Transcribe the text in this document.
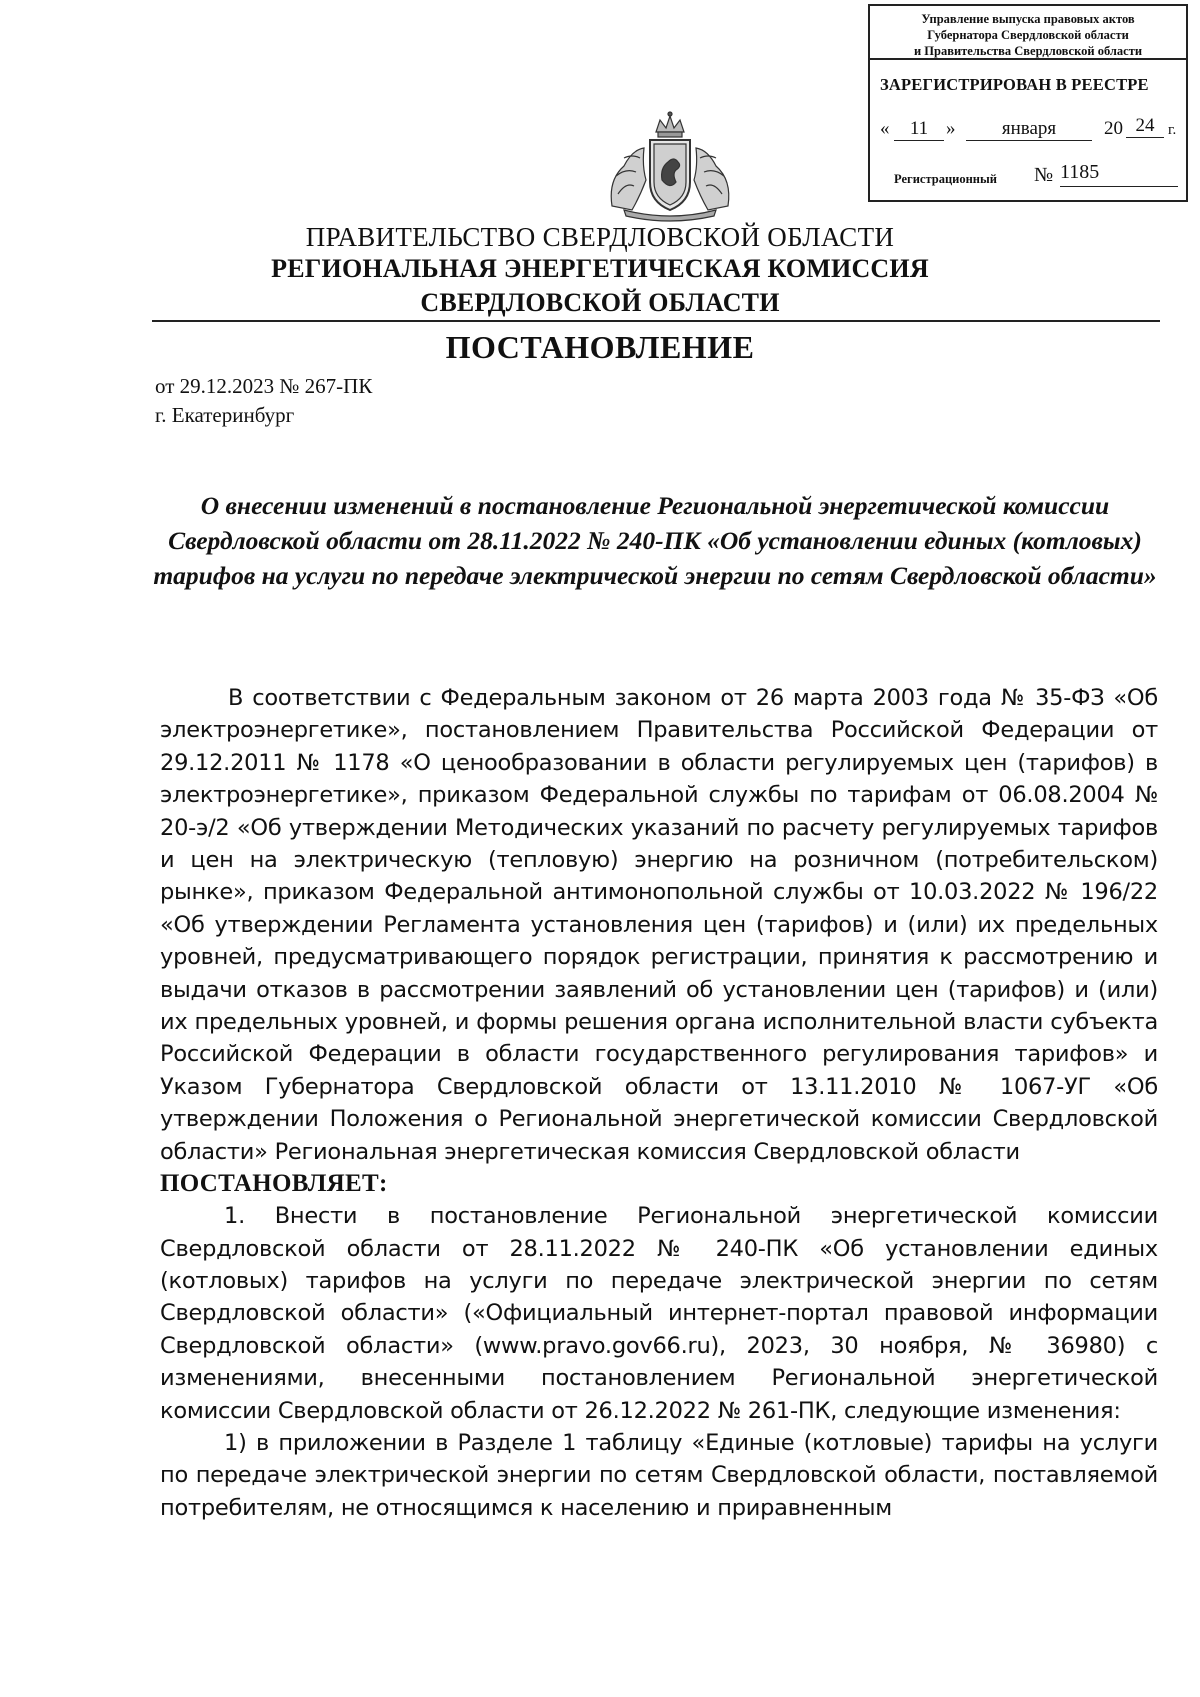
Управление выпуска правовых актов
Губернатора Свердловской области
и Правительства Свердловской области
ЗАРЕГИСТРИРОВАН В РЕЕСТРЕ
«	11 »	января	20 24 г.
Регистрационный № 1185
ПРАВИТЕЛЬСТВО СВЕРДЛОВСКОЙ ОБЛАСТИ
РЕГИОНАЛЬНАЯ ЭНЕРГЕТИЧЕСКАЯ КОМИССИЯ
СВЕРДЛОВСКОЙ ОБЛАСТИ
ПОСТАНОВЛЕНИЕ
от 29.12.2023 № 267-ПК
г. Екатеринбург
О внесении изменений в постановление Региональной энергетической комиссии Свердловской области от 28.11.2022 № 240-ПК «Об установлении единых (котловых) тарифов на услуги по передаче электрической энергии по сетям Свердловской области»

В соответствии с Федеральным законом от 26 марта 2003 года № 35-ФЗ «Об электроэнергетике», постановлением Правительства Российской Федерации от 29.12.2011 № 1178 «О ценообразовании в области регулируемых цен (тарифов) в электроэнергетике», приказом Федеральной службы по тарифам от 06.08.2004 № 20-э/2 «Об утверждении Методических указаний по расчету регулируемых тарифов и цен на электрическую (тепловую) энергию на розничном (потребительском) рынке», приказом Федеральной антимонопольной службы от 10.03.2022 № 196/22 «Об утверждении Регламента установления цен (тарифов) и (или) их предельных уровней, предусматривающего порядок регистрации, принятия к рассмотрению и выдачи отказов в рассмотрении заявлений об установлении цен (тарифов) и (или) их предельных уровней, и формы решения органа исполнительной власти субъекта Российской Федерации в области государственного регулирования тарифов» и Указом Губернатора Свердловской области от 13.11.2010 № 1067-УГ «Об утверждении Положения о Региональной энергетической комиссии Свердловской области» Региональная энергетическая комиссия Свердловской области

ПОСТАНОВЛЯЕТ:

1. Внести в постановление Региональной энергетической комиссии Свердловской области от 28.11.2022 № 240-ПК «Об установлении единых (котловых) тарифов на услуги по передаче электрической энергии по сетям Свердловской области» («Официальный интернет-портал правовой информации Свердловской области» (www.pravo.gov66.ru), 2023, 30 ноября, № 36980) с изменениями, внесенными постановлением Региональной энергетической комиссии Свердловской области от 26.12.2022 № 261-ПК, следующие изменения:

1) в приложении в Разделе 1 таблицу «Единые (котловые) тарифы на услуги по передаче электрической энергии по сетям Свердловской области, поставляемой потребителям, не относящимся к населению и приравненным
